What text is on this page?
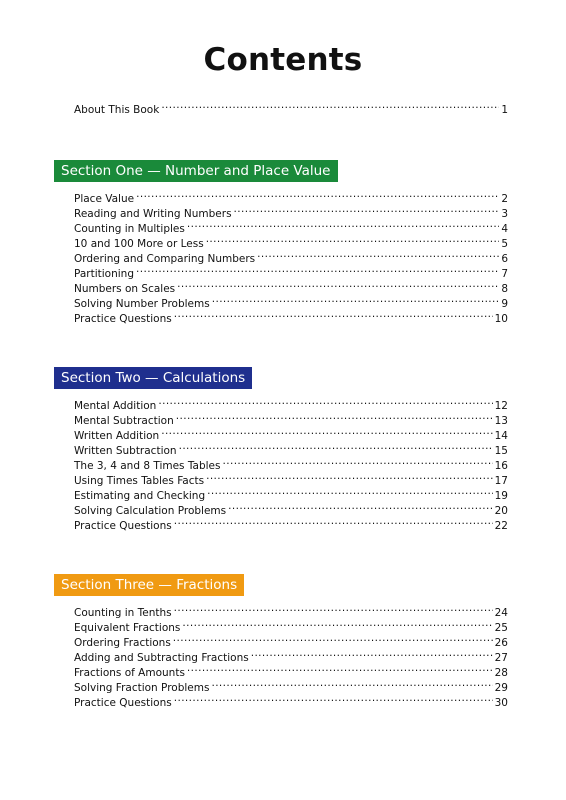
Contents
About This Book .....	1
Section One — Number and Place Value
Place Value .....	2
Reading and Writing Numbers .....	3
Counting in Multiples .....	4
10 and 100 More or Less .....	5
Ordering and Comparing Numbers .....	6
Partitioning .....	7
Numbers on Scales .....	8
Solving Number Problems .....	9
Practice Questions .....	10
Section Two — Calculations
Mental Addition .....	12
Mental Subtraction .....	13
Written Addition .....	14
Written Subtraction .....	15
The 3, 4 and 8 Times Tables .....	16
Using Times Tables Facts .....	17
Estimating and Checking .....	19
Solving Calculation Problems .....	20
Practice Questions .....	22
Section Three — Fractions
Counting in Tenths .....	24
Equivalent Fractions .....	25
Ordering Fractions .....	26
Adding and Subtracting Fractions .....	27
Fractions of Amounts .....	28
Solving Fraction Problems .....	29
Practice Questions .....	30
